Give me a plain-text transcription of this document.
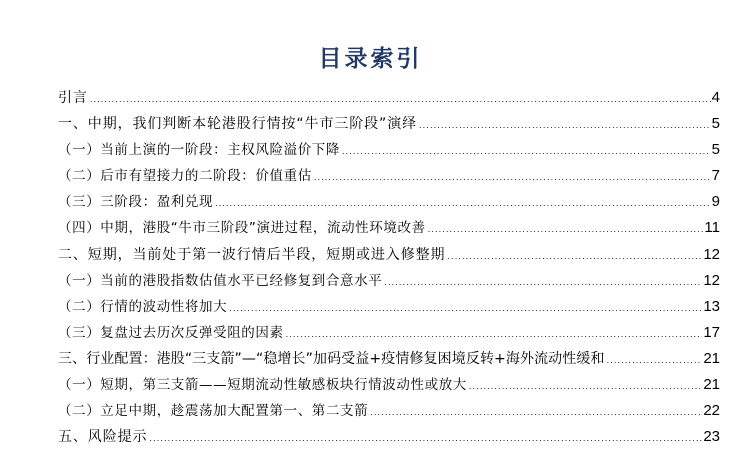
目录索引
引言 .....	4
一、中期，我们判断本轮港股行情按“牛市三阶段”演绎 .....	5
（一）当前上演的一阶段：主权风险溢价下降 .....	5
（二）后市有望接力的二阶段：价值重估 .....	7
（三）三阶段：盈利兑现 .....	9
（四）中期，港股“牛市三阶段”演进过程，流动性环境改善 .....	11
二、短期，当前处于第一波行情后半段，短期或进入修整期 .....	12
（一）当前的港股指数估值水平已经修复到合意水平 .....	12
（二）行情的波动性将加大 .....	13
（三）复盘过去历次反弹受阻的因素 .....	17
三、行业配置：港股“三支箭”—“稳增长”加码受益+疫情修复困境反转+海外流动性缓和 .....	21
（一）短期，第三支箭——短期流动性敏感板块行情波动性或放大 .....	21
（二）立足中期，趁震荡加大配置第一、第二支箭 .....	22
五、风险提示 .....	23
